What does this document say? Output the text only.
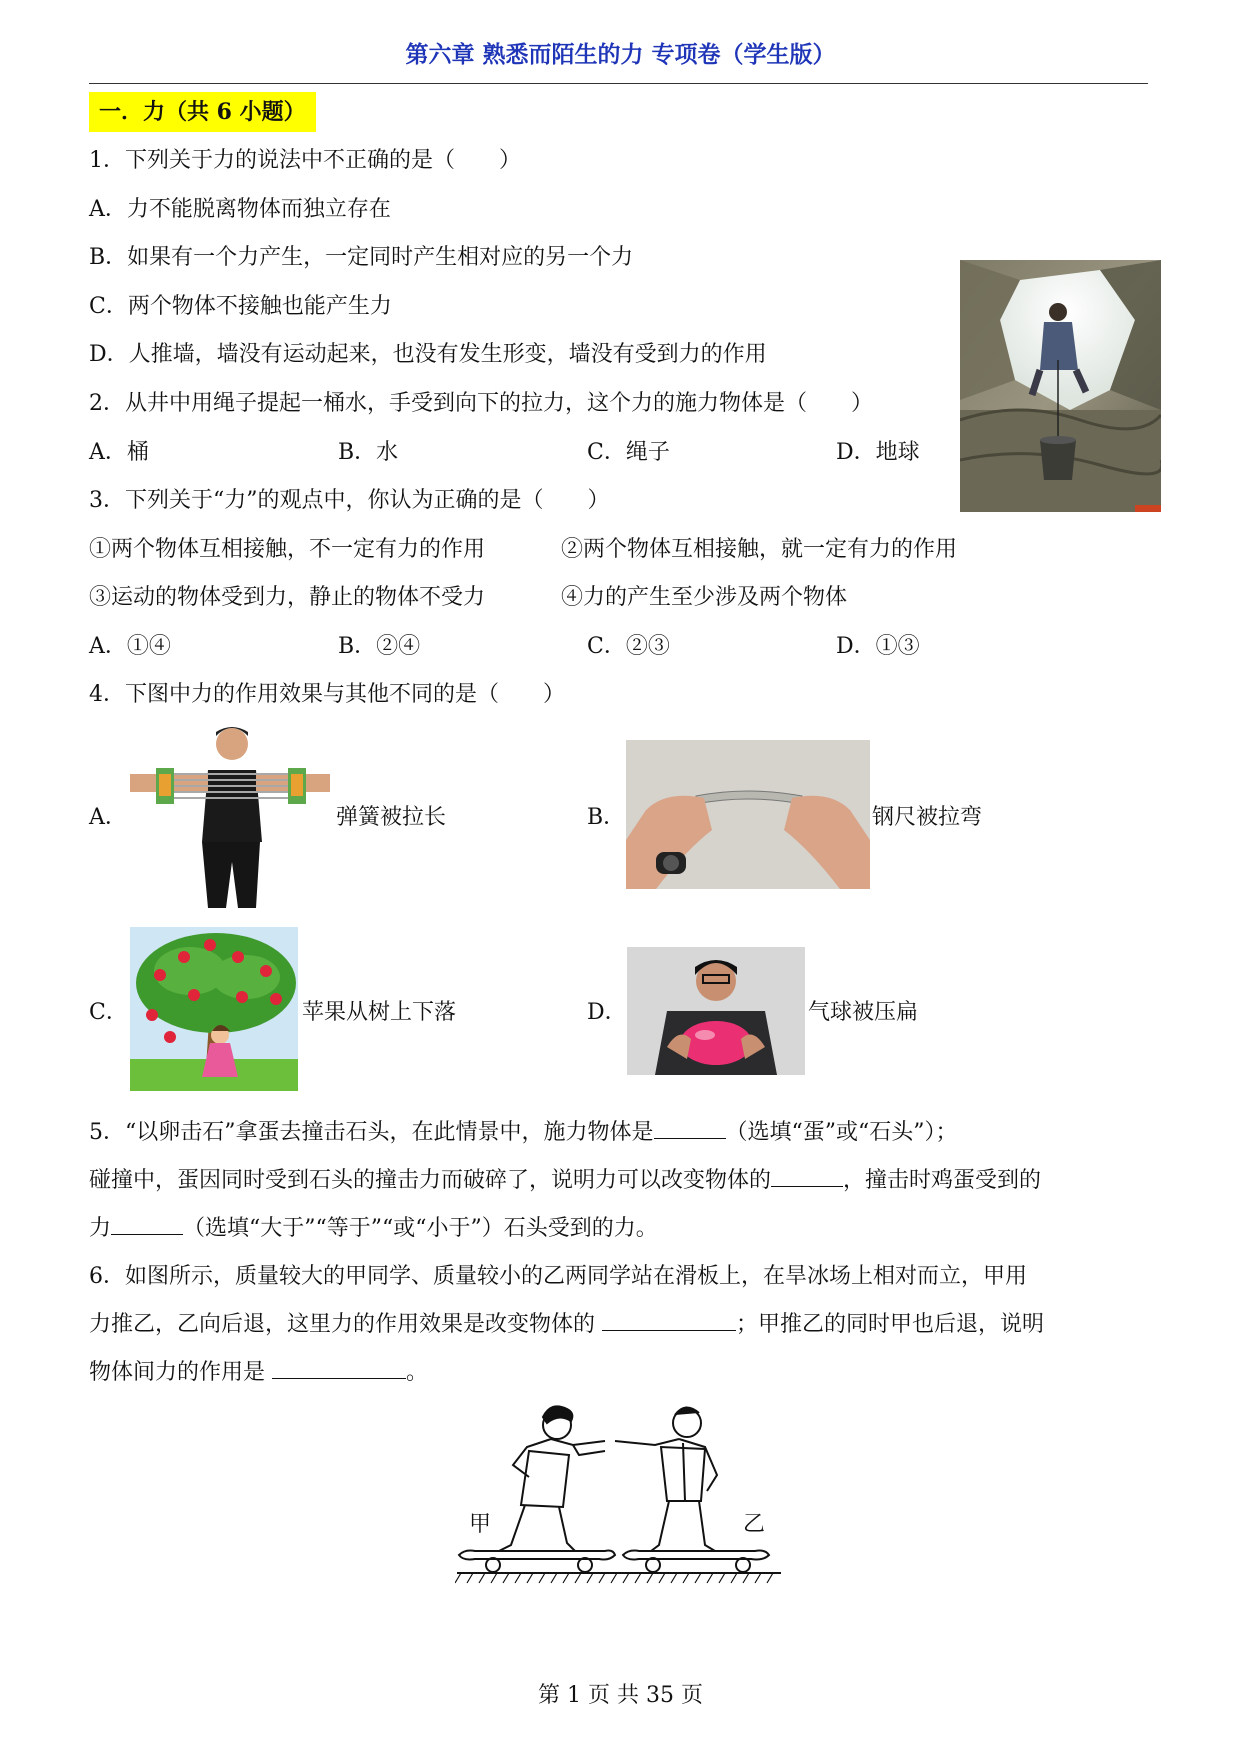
第六章 熟悉而陌生的力 专项卷（学生版）
一．力（共 6 小题）
1．下列关于力的说法中不正确的是（　　）
A．力不能脱离物体而独立存在
B．如果有一个力产生，一定同时产生相对应的另一个力
C．两个物体不接触也能产生力
D．人推墙，墙没有运动起来，也没有发生形变，墙没有受到力的作用
2．从井中用绳子提起一桶水，手受到向下的拉力，这个力的施力物体是（　　）
A．桶	B．水	C．绳子	D．地球
3．下列关于“力”的观点中，你认为正确的是（　　）
①两个物体互相接触，不一定有力的作用	②两个物体互相接触，就一定有力的作用
③运动的物体受到力，静止的物体不受力	④力的产生至少涉及两个物体
A．①④	B．②④	C．②③	D．①③
4．下图中力的作用效果与其他不同的是（　　）
A．	弹簧被拉长	B．	钢尺被拉弯
C．	苹果从树上下落	D．	气球被压扁
5．“以卵击石”拿蛋去撞击石头，在此情景中，施力物体是	（选填“蛋”或“石头”）；
碰撞中，蛋因同时受到石头的撞击力而破碎了，说明力可以改变物体的	，撞击时鸡蛋受到的
力	（选填“大于”“等于”“或“小于”）石头受到的力。
6．如图所示，质量较大的甲同学、质量较小的乙两同学站在滑板上，在旱冰场上相对而立，甲用
力推乙，乙向后退，这里力的作用效果是改变物体的	；甲推乙的同时甲也后退，说明
物体间力的作用是	。
甲	乙
第 1 页 共 35 页
